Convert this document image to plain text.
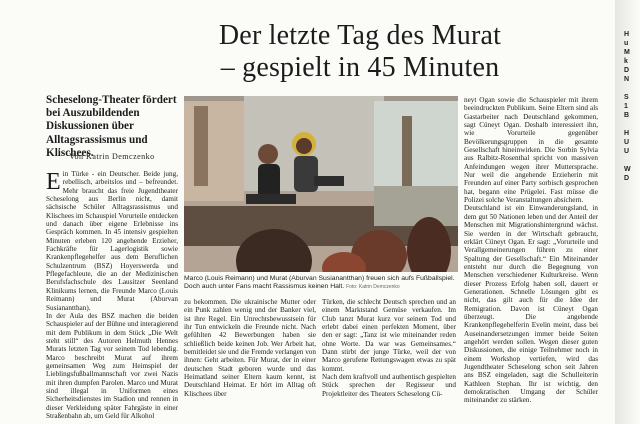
Der letzte Tag des Murat
– gespielt in 45 Minuten
Scheselong-Theater fördert bei Auszubildenden Diskussionen über Alltagsrassismus und Klischees.
Von Katrin Demczenko

Ein Türke - ein Deutscher. Beide jung, rebellisch, arbeitslos und – befreundet. Mehr braucht das freie Jugendtheater Scheselong aus Berlin nicht, damit sächsische Schüler Alltagsrassismus und Klischees im Schauspiel Vorurteile entdecken und danach über eigene Erlebnisse ins Gespräch kommen. In 45 intensiv gespielten Minuten erleben 120 angehende Erzieher, Fachkräfte für Lagerlogistik sowie Krankenpflegehelfer aus dem Beruflichen Schulzentrum (BSZ) Hoyerswerda und Pflegefachleute, die an der Medizinischen Berufsfachschule des Lausitzer Seenland Klinikums lernen, die Freunde Marco (Louis Reimann) und Murat (Aburvan Susianantthan).
In der Aula des BSZ machen die beiden Schauspieler auf der Bühne und interagierend mit dem Publikum in dem Stück „Die Welt steht still“ des Autoren Helmuth Hennes Murats letzten Tag vor seinem Tod lebendig. Marco beschreibt Murat auf ihrem gemeinsamen Weg zum Heimspiel der Lieblingsfußballmannschaft vor zwei Nazis mit ihren dumpfen Parolen. Marco und Murat sind illegal in Uniformen eines Sicherheitsdienstes im Stadion und rennen in dieser Verkleidung später Fahrgäste in einer Straßenbahn ab, um Geld für Alkohol

Marco (Louis Reimann) und Murat (Aburvan Susianantthan) freuen sich aufs Fußballspiel. Doch auch unter Fans macht Rassismus keinen Halt. Foto: Katrin Demczenko

zu bekommen. Die ukrainische Mutter oder ein Punk zahlen wenig und der Banker viel, ist ihre Regel. Ein Unrechtsbewusstsein für ihr Tun entwickeln die Freunde nicht. Nach gefühlten 42 Bewerbungen haben sie schließlich beide keinen Job. Wer Arbeit hat, bemitleidet sie und die Fremde verlangen von ihnen: Geht arbeiten. Für Murat, der in einer deutschen Stadt geboren wurde und das Heimatland seiner Eltern kaum kennt, ist Deutschland Heimat. Er hört im Alltag oft Klischees über

Türken, die schlecht Deutsch sprechen und an einem Marktstand Gemüse verkaufen. Im Club tanzt Murat kurz vor seinem Tod und erlebt dabei einen perfekten Moment, über den er sagt: „Tanz ist wie miteinander reden ohne Worte. Da war was Gemeinsames.“ Dann stirbt der junge Türke, weil der von Marco gerufene Rettungswagen etwas zu spät kommt.
Nach dem kraftvoll und authentisch gespielten Stück sprechen der Regisseur und Projektleiter des Theaters Scheselong Cü-

neyt Ogan sowie die Schauspieler mit ihrem beeindruckten Publikum. Seine Eltern sind als Gastarbeiter nach Deutschland gekommen, sagt Cüneyt Ogan. Deshalb interessiert ihn, wie Vorurteile gegenüber Bevölkerungsgruppen in die gesamte Gesellschaft hineinwirken. Die Sorbin Sylvia aus Ralbitz-Rosenthal spricht von massiven Anfeindungen wegen ihrer Muttersprache. Nur weil die angehende Erzieherin mit Freunden auf einer Party sorbisch gesprochen hat, begann eine Prügelei. Fast müsse die Polizei solche Veranstaltungen absichern.
Deutschland ist ein Einwanderungsland, in dem gut 50 Nationen leben und der Anteil der Menschen mit Migrationshintergrund wächst. Sie werden in der Wirtschaft gebraucht, erklärt Cüneyt Ogan. Er sagt: „Vorurteile und Verallgemeinerungen führen zu einer Spaltung der Gesellschaft.“ Ein Miteinander entsteht nur durch die Begegnung von Menschen verschiedener Kulturkreise. Wenn dieser Prozess Erfolg haben soll, dauert er Generationen. Schnelle Lösungen gibt es nicht, das gilt auch für die Idee der Remigration. Davon ist Cüneyt Ogan überzeugt. Die angehende Krankenpflegehelferin Evelin meint, dass bei Auseinandersetzungen immer beide Seiten angehört werden sollen. Wegen dieser guten Diskussionen, die einige Teilnehmer noch in einem Workshop vertiefen, wird das Jugendtheater Scheselong schon seit Jahren ans BSZ eingeladen, sagt die Schulleiterin Kathleen Stephan. Ihr ist wichtig, den demokratischen Umgang der Schüler miteinander zu stärken.

H
u
M
k
D
N

S
1
B

H
U
U

W
D
